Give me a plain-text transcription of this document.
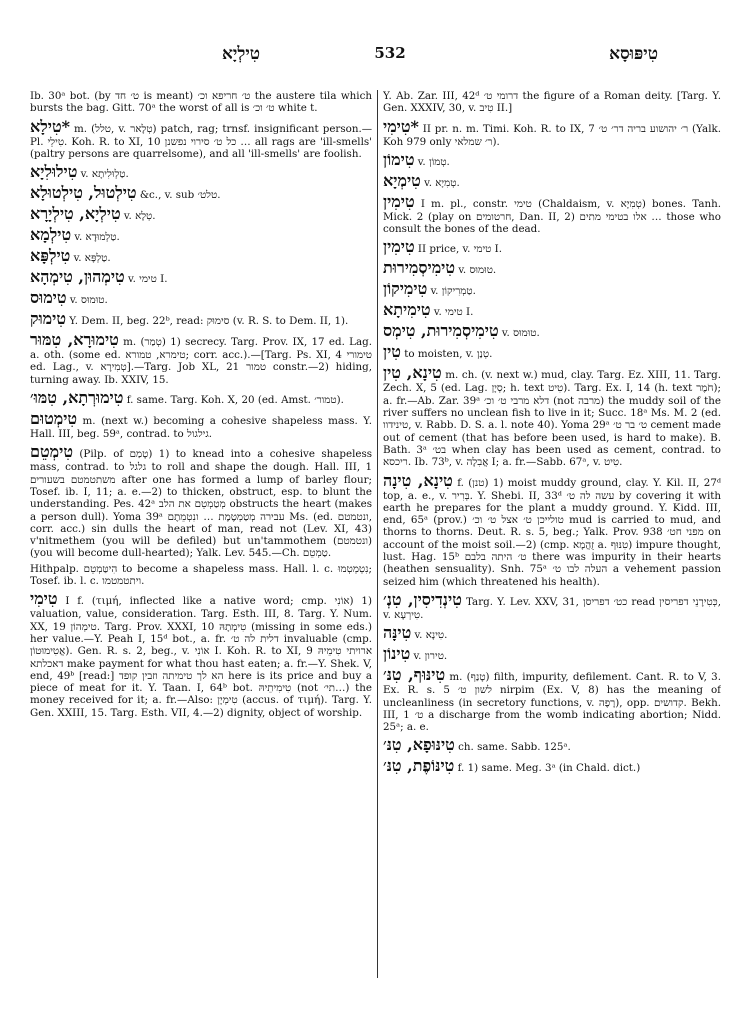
טִילְיָא	532	טִיפּוּסָא

Ib. 30ᵃ bot. (by ט׳ חד is meant) ט׳ חריפא וכ׳ the austere tila which bursts the bag. Gitt. 70ᵃ the worst of all is ט׳ וכ׳ white t.

*טִילָא m. (טלל, v. טְלָאר) patch, rag; trnsf. insignificant person.—Pl. טִילֵי. Koh. R. to XI, 10 כל ט׳ סירוי נפשנן … all rags are 'ill-smells' (paltry persons are quarrelsome), and all 'ill-smells' are foolish.

טִילוּלִיָא v. טַלְוּלִיתָא.

טִילְטוּל, טִילְטוּלָא &c., v. sub טלט׳.

טִילְיָא, טִילְיָרָא v. טְלָא.

טִילְמָא v. טַלְמוּדָא.

טִילְפָּא v. טַלְפָּא.

טִימְהוּן, טִימְהָא v. טימי I.

טִימוּס v. טוּמוּס.

טִימוּק Y. Dem. II, beg. 22ᵇ, read: סימוּק (v. R. S. to Dem. II, 1).

טִימוּרָא, טִמּוּר m. (טְמַר) 1) secrecy. Targ. Prov. IX, 17 ed. Lag. a. oth. (some ed. טימרא, טמורא; corr. acc.).—[Targ. Ps. XI, 4 טימורי ed. Lag., v. טְמִירָא].—Targ. Job XL, 21 טמור constr.—2) hiding, turning away. Ib. XXIV, 15.

טִימוּרְתָא, טִמּוּ׳ f. same. Targ. Koh. X, 20 (ed. Amst. טמור׳).

טִימְטוּם m. (next w.) becoming a cohesive shapeless mass. Y. Hall. III, beg. 59ᵃ, contrad. to גילגול.

טִימְטֵם (Pilp. of טָמַם) 1) to knead into a cohesive shapeless mass, contrad. to גלגל to roll and shape the dough. Hall. III, 1 משתטמטם בשעורים after one has formed a lump of barley flour; Tosef. ib. I, 11; a. e.—2) to thicken, obstruct, esp. to blunt the understanding. Pes. 42ᵃ מְטַמְטֵם את הלב obstructs the heart (makes a person dull). Yoma 39ᵃ עבירה מְטַמְטֶמֶת … ונִטְמֵתֶם Ms. (ed. ונטמטם, corr. acc.) sin dulls the heart of man, read not (Lev. XI, 43) v'nitmethem (you will be defiled) but un'tammothem (ונטמטם) (you will become dull-hearted); Yalk. Lev. 545.—Ch. טַמְטֵם.

Hithpalp. הִיטַּמְטֵם to become a shapeless mass. Hall. l. c. נִטְמְטְמוּ; Tosef. ib. l. c. ויתטמטמו.

טִימִי I f. (τιμή, inflected like a native word; cmp. אוֹנִי) 1) valuation, value, consideration. Targ. Esth. III, 8. Targ. Y. Num. XX, 19 טימְהוֹן. Targ. Prov. XXXI, 10 טִימְתָהּ (missing in some eds.) her value.—Y. Peah I, 15ᵈ bot., a. fr. דלית לה ט׳ invaluable (cmp. אֲטִימוּטוֹן). Gen. R. s. 2, beg., v. אוֹנִי I. Koh. R. to XI, 9 ארויתי טִימֵיהּ דאכלתא make payment for what thou hast eaten; a. fr.—Y. Shek. V, end, 49ᵇ [read:] הא לך טימיתה וזבין קופד here is its price and buy a piece of meat for it. Y. Taan. I, 64ᵇ bot. טִימִיתֵיהּ (not תי׳…) the money received for it; a. fr.—Also: טִימְיָן (accus. of τιμή). Targ. Y. Gen. XXIII, 15. Targ. Esth. VII, 4.—2) dignity, object of worship.

Y. Ab. Zar. III, 42ᵈ דרומי ט׳ the figure of a Roman deity. [Targ. Y. Gen. XXXIV, 30, v. טִיב II.]

*טִימִי II pr. n. m. Timi. Koh. R. to IX, 7 ר׳ יהושוע בריה דר׳ ט׳ (Yalk. Koh 979 only ר׳ שמלאי).

טִימוֹן v. טְמוֹן.

טִימְיָא v. טְמִיָא.

טִימִין I m. pl., constr. טימי (Chaldaism, v. טְמִיָא) bones. Tanh. Mick. 2 (play on חרטומים, Dan. II, 2) אלו בטימי מתים … those who consult the bones of the dead.

טִימִין II price, v. טימי I.

טִימִיסְמִירוּת v. טוּמוּס.

טִימִיקוֹן v. טַמְרִיקוֹן.

טִימִיתָא v. טימי I.

טִימִיסְמִירוּת, טִימְס v. טוּמוּס.

טִין to moisten, v. טְנַן.

טִינָא, טִין m. ch. (v. next w.) mud, clay. Targ. Ez. XIII, 11. Targ. Zech. X, 5 (ed. Lag. סְיָן; h. text טִיט). Targ. Ex. I, 14 (h. text חֹמֶר); a. fr.—Ab. Zar. 39ᵃ דלא מרבי ט׳ וכ׳ (not מרבה) the muddy soil of the river suffers no unclean fish to live in it; Succ. 18ᵃ Ms. M. 2 (ed. טינידוו, v. Rabb. D. S. a. l. note 40). Yoma 29ᵃ ט׳ בר ט׳ cement made out of cement (that has before been used, is hard to make). B. Bath. 3ᵃ בט׳ when clay has been used as cement, contrad. to ריכסא. Ib. 73ᵇ, v. אֲבִלָה I; a. fr.—Sabb. 67ᵃ, v. טִיט.

טִינָא, טִינָה f. (טנן) 1) moist muddy ground, clay. Y. Kil. II, 27ᵈ top, a. e., v. בְּרִיר. Y. Shebi. II, 33ᵈ עשה לה ט׳ by covering it with earth he prepares for the plant a muddy ground. Y. Kidd. III, end, 65ᵃ (prov.) טולייכן ט׳ אצל ט׳ וכ׳ mud is carried to mud, and thorns to thorns. Deut. R. s. 5, beg.; Yalk. Prov. 938 מפני חט׳ on account of the moist soil.—2) (cmp. זֻהֲמָא a. טִנּוּף) impure thought, lust. Hag. 15ᵇ ט׳ היתה בלבם there was impurity in their hearts (heathen sensuality). Snh. 75ᵃ העלה לבו ט׳ a vehement passion seized him (which threatened his health).

טִינְדִיסִין, טִנְ׳ Targ. Y. Lev. XXV, 31, כט׳ דפריסן read כְּטִירָנֵי דפריסין, v. טִירְעָא.

טִינָּה v. טִינָא.

טִינוֹן v. טירון.

טִינּוּף, טִנּ׳ m. (טָנַף) filth, impurity, defilement. Cant. R. to V, 3. Ex. R. s. 5 לשון ט׳ nirpim (Ex. V, 8) has the meaning of uncleanliness (in secretory functions, v. רָפֶה), opp. קדושים. Bekh. III, 1 ט׳ a discharge from the womb indicating abortion; Nidd. 25ᵃ; a. e.

טִינּוּפָא, טִנּ׳ ch. same. Sabb. 125ᵃ.

טִינּוֹפֶת, טִנּ׳ f. 1) same. Meg. 3ᵃ (in Chald. dict.)
